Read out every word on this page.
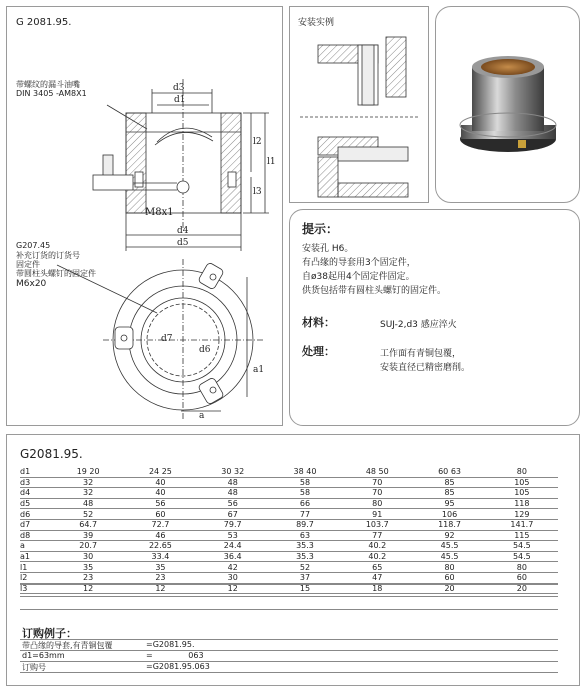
G 2081.95.
带螺纹的漏斗油嘴
DIN 3405 -AM8X1
d3
d1
l2
l1
l3
M8x1
d4
d5
G207.45
补充订货的订货号
固定件
带圆柱头螺钉的固定件
M6x20
d7
d6
a1
a
安装实例
提示：
安装孔 H6。
有凸缘的导套用3个固定件，
自ø38起用4个固定件固定。
供货包括带有圆柱头螺钉的固定件。
材料：	SUJ-2,d3 感应淬火
处理：	工作面有青铜包覆，
安装直径已精密磨削。
G2081.95.
d1	19 20	24 25	30 32	38 40	48 50	60 63	80
d3	32	40	48	58	70	85	105
d4	32	40	48	58	70	85	105
d5	48	56	56	66	80	95	118
d6	52	60	67	77	91	106	129
d7	64.7	72.7	79.7	89.7	103.7	118.7	141.7
d8	39	46	53	63	77	92	115
a	20.7	22.65	24.4	35.3	40.2	45.5	54.5
a1	30	33.4	36.4	35.3	40.2	45.5	54.5
l1	35	35	42	52	65	80	80
l2	23	23	30	37	47	60	60
l3	12	12	12	15	18	20	20
订购例子：
带凸缘的导套,有青铜包覆	=G2081.95.
d1=63mm	=              063
订购号	=G2081.95.063
